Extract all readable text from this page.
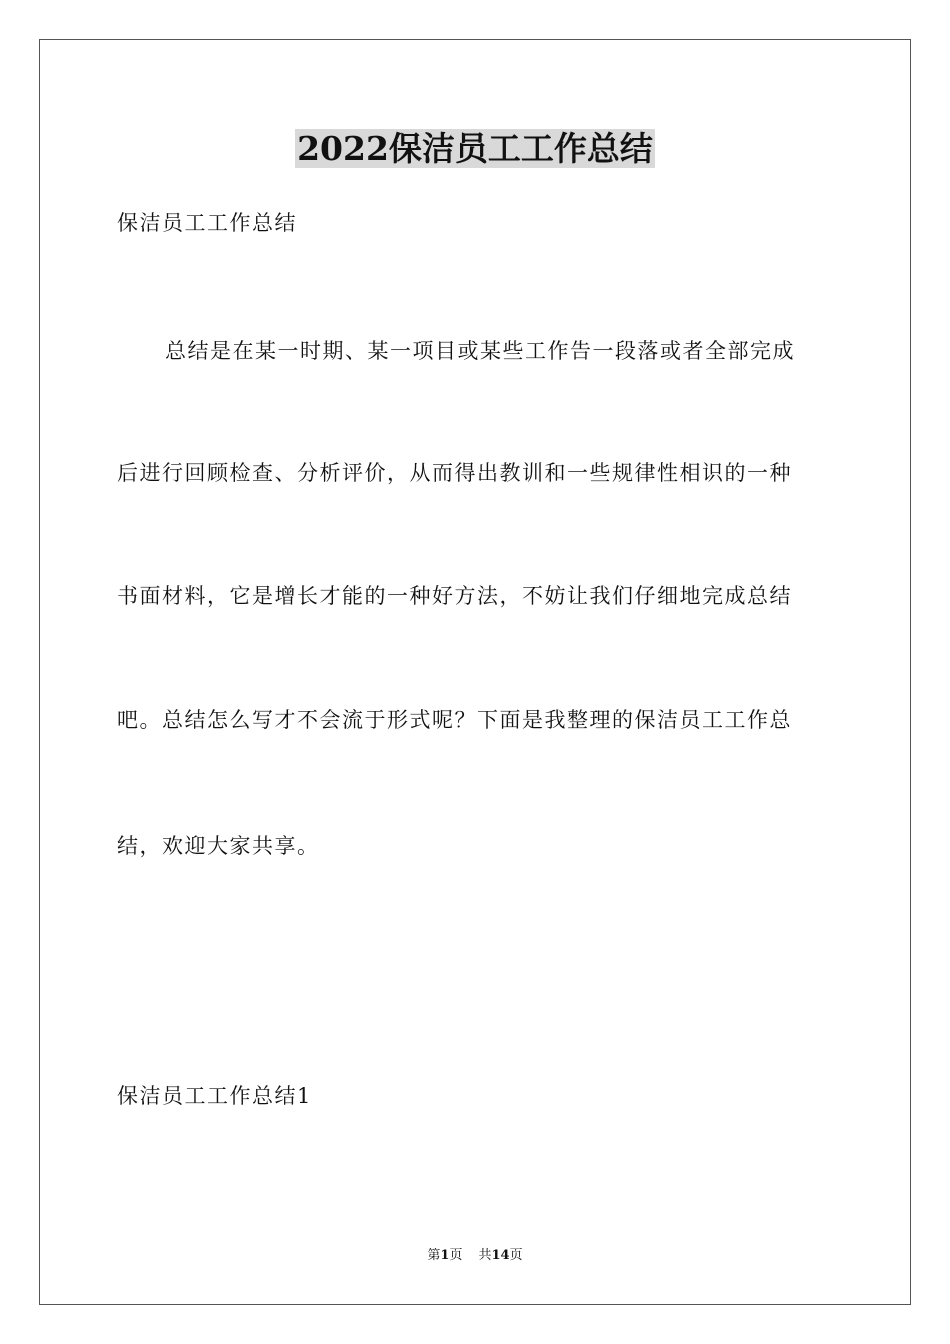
2022保洁员工工作总结
保洁员工工作总结
总结是在某一时期、某一项目或某些工作告一段落或者全部完成
后进行回顾检查、分析评价，从而得出教训和一些规律性相识的一种
书面材料，它是增长才能的一种好方法，不妨让我们仔细地完成总结
吧。总结怎么写才不会流于形式呢？下面是我整理的保洁员工工作总
结，欢迎大家共享。
保洁员工工作总结1
第1页 共14页
